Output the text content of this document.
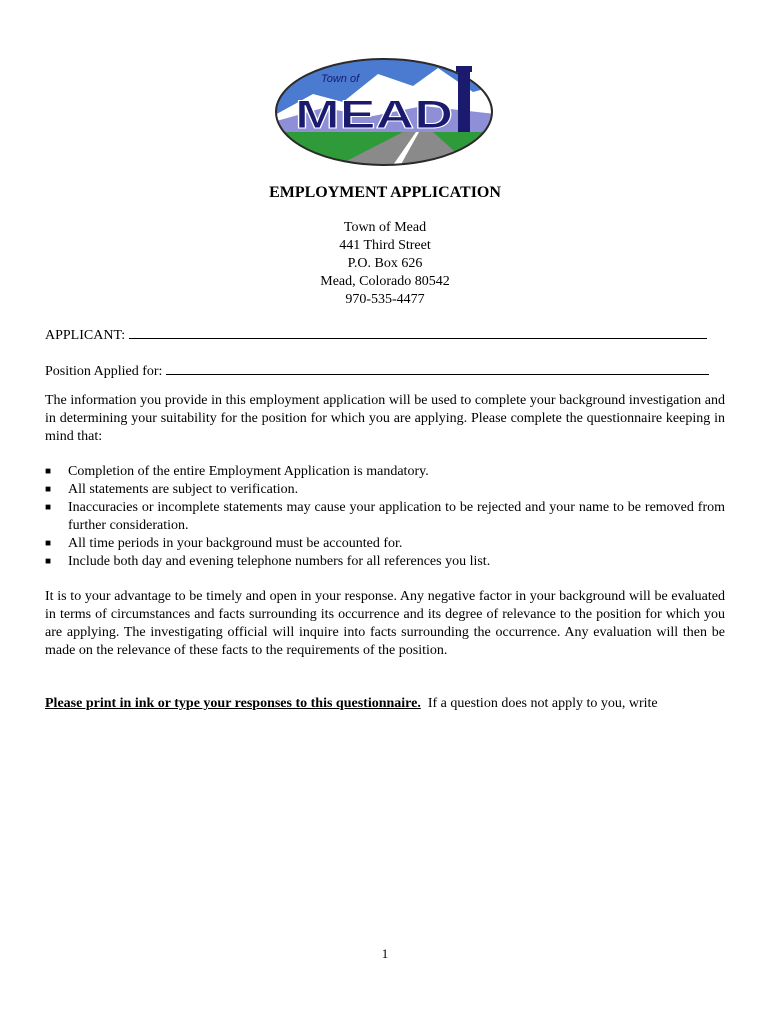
Town of
MEAD
EMPLOYMENT APPLICATION
Town of Mead
441 Third Street
P.O. Box 626
Mead, Colorado 80542
970-535-4477
APPLICANT:
Position Applied for:

The information you provide in this employment application will be used to complete your background investigation and in determining your suitability for the position for which you are applying. Please complete the questionnaire keeping in mind that:

■ Completion of the entire Employment Application is mandatory.
■ All statements are subject to verification.
■ Inaccuracies or incomplete statements may cause your application to be rejected and your name to be removed from further consideration.
■ All time periods in your background must be accounted for.
■ Include both day and evening telephone numbers for all references you list.

It is to your advantage to be timely and open in your response. Any negative factor in your background will be evaluated in terms of circumstances and facts surrounding its occurrence and its degree of relevance to the position for which you are applying. The investigating official will inquire into facts surrounding the occurrence. Any evaluation will then be made on the relevance of these facts to the requirements of the position.

Please print in ink or type your responses to this questionnaire.  If a question does not apply to you, write

1
